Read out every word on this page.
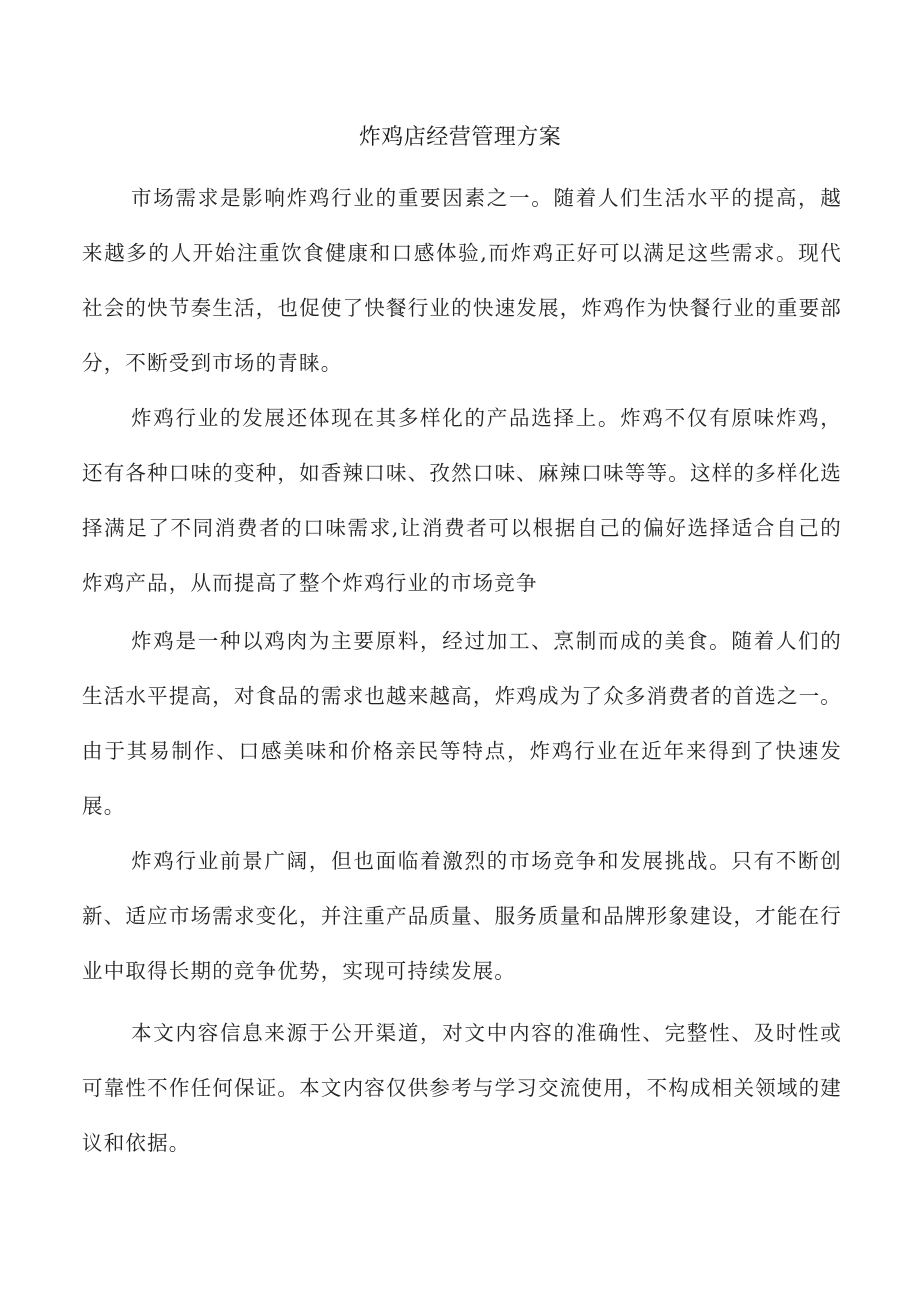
炸鸡店经营管理方案

市场需求是影响炸鸡行业的重要因素之一。随着人们生活水平的提高，越来越多的人开始注重饮食健康和口感体验,而炸鸡正好可以满足这些需求。现代社会的快节奏生活，也促使了快餐行业的快速发展，炸鸡作为快餐行业的重要部分，不断受到市场的青睐。

炸鸡行业的发展还体现在其多样化的产品选择上。炸鸡不仅有原味炸鸡，还有各种口味的变种，如香辣口味、孜然口味、麻辣口味等等。这样的多样化选择满足了不同消费者的口味需求,让消费者可以根据自己的偏好选择适合自己的炸鸡产品，从而提高了整个炸鸡行业的市场竞争

炸鸡是一种以鸡肉为主要原料，经过加工、烹制而成的美食。随着人们的生活水平提高，对食品的需求也越来越高，炸鸡成为了众多消费者的首选之一。由于其易制作、口感美味和价格亲民等特点，炸鸡行业在近年来得到了快速发展。

炸鸡行业前景广阔，但也面临着激烈的市场竞争和发展挑战。只有不断创新、适应市场需求变化，并注重产品质量、服务质量和品牌形象建设，才能在行业中取得长期的竞争优势，实现可持续发展。

本文内容信息来源于公开渠道，对文中内容的准确性、完整性、及时性或可靠性不作任何保证。本文内容仅供参考与学习交流使用，不构成相关领域的建议和依据。
